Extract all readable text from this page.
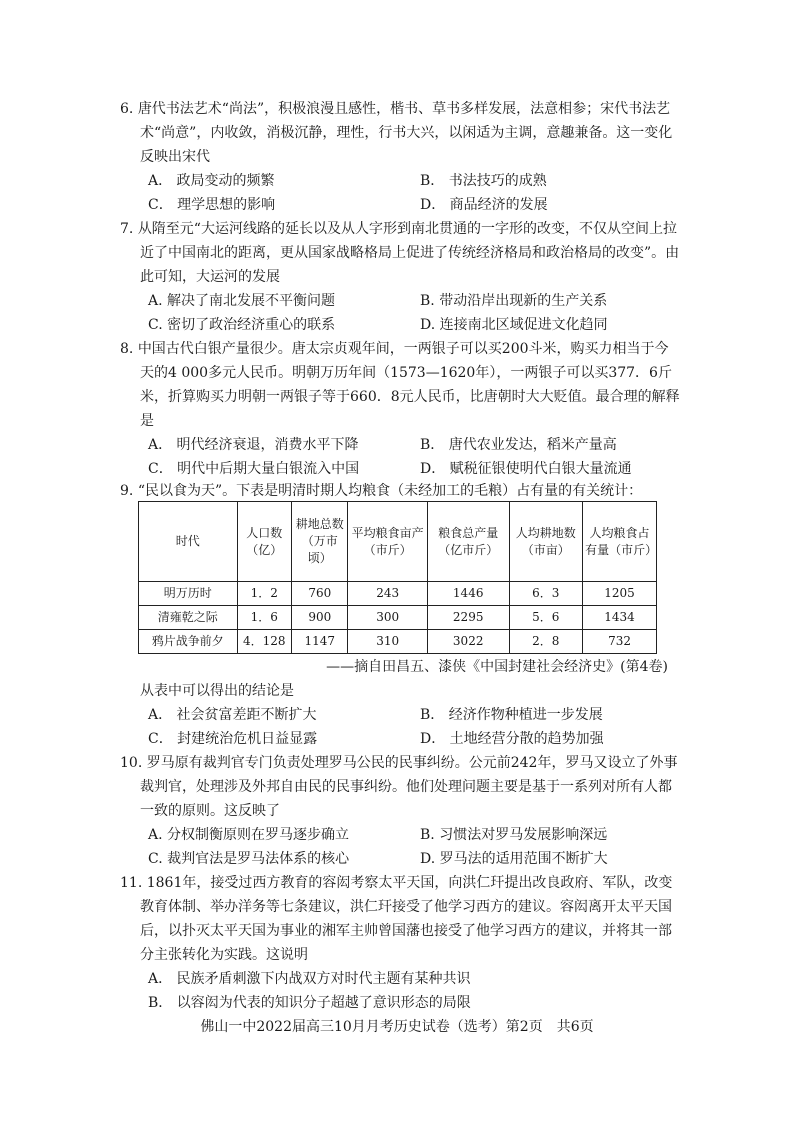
6. 唐代书法艺术“尚法”，积极浪漫且感性，楷书、草书多样发展，法意相参；宋代书法艺术“尚意”，内收敛，消极沉静，理性，行书大兴，以闲适为主调，意趣兼备。这一变化反映出宋代
A． 政局变动的频繁	B． 书法技巧的成熟
C． 理学思想的影响	D． 商品经济的发展
7. 从隋至元“大运河线路的延长以及从人字形到南北贯通的一字形的改变，不仅从空间上拉近了中国南北的距离，更从国家战略格局上促进了传统经济格局和政治格局的改变”。由此可知，大运河的发展
A. 解决了南北发展不平衡问题	B. 带动沿岸出现新的生产关系
C. 密切了政治经济重心的联系	D. 连接南北区域促进文化趋同
8. 中国古代白银产量很少。唐太宗贞观年间，一两银子可以买200斗米，购买力相当于今天的4 000多元人民币。明朝万历年间（1573—1620年），一两银子可以买377．6斤米，折算购买力明朝一两银子等于660．8元人民币，比唐朝时大大贬值。最合理的解释是
A． 明代经济衰退，消费水平下降	B． 唐代农业发达，稻米产量高
C． 明代中后期大量白银流入中国	D． 赋税征银使明代白银大量流通
9. “民以食为天”。下表是明清时期人均粮食（未经加工的毛粮）占有量的有关统计：
时代	人口数（亿）	耕地总数（万市顷）	平均粮食亩产（市斤）	粮食总产量（亿市斤）	人均耕地数（市亩）	人均粮食占有量（市斤）
明万历时	1．2	760	243	1446	6．3	1205
清雍乾之际	1．6	900	300	2295	5．6	1434
鸦片战争前夕	4．128	1147	310	3022	2．8	732
——摘自田昌五、漆侠《中国封建社会经济史》(第4卷)
从表中可以得出的结论是
A． 社会贫富差距不断扩大	B． 经济作物种植进一步发展
C． 封建统治危机日益显露	D． 土地经营分散的趋势加强
10. 罗马原有裁判官专门负责处理罗马公民的民事纠纷。公元前242年，罗马又设立了外事裁判官，处理涉及外邦自由民的民事纠纷。他们处理问题主要是基于一系列对所有人都一致的原则。这反映了
A. 分权制衡原则在罗马逐步确立	B. 习惯法对罗马发展影响深远
C. 裁判官法是罗马法体系的核心	D. 罗马法的适用范围不断扩大
11. 1861年，接受过西方教育的容闳考察太平天国，向洪仁玕提出改良政府、军队，改变教育体制、举办洋务等七条建议，洪仁玕接受了他学习西方的建议。容闳离开太平天国后，以扑灭太平天国为事业的湘军主帅曾国藩也接受了他学习西方的建议，并将其一部分主张转化为实践。这说明
A． 民族矛盾刺激下内战双方对时代主题有某种共识
B． 以容闳为代表的知识分子超越了意识形态的局限
佛山一中2022届高三10月月考历史试卷（选考）第2页　共6页
